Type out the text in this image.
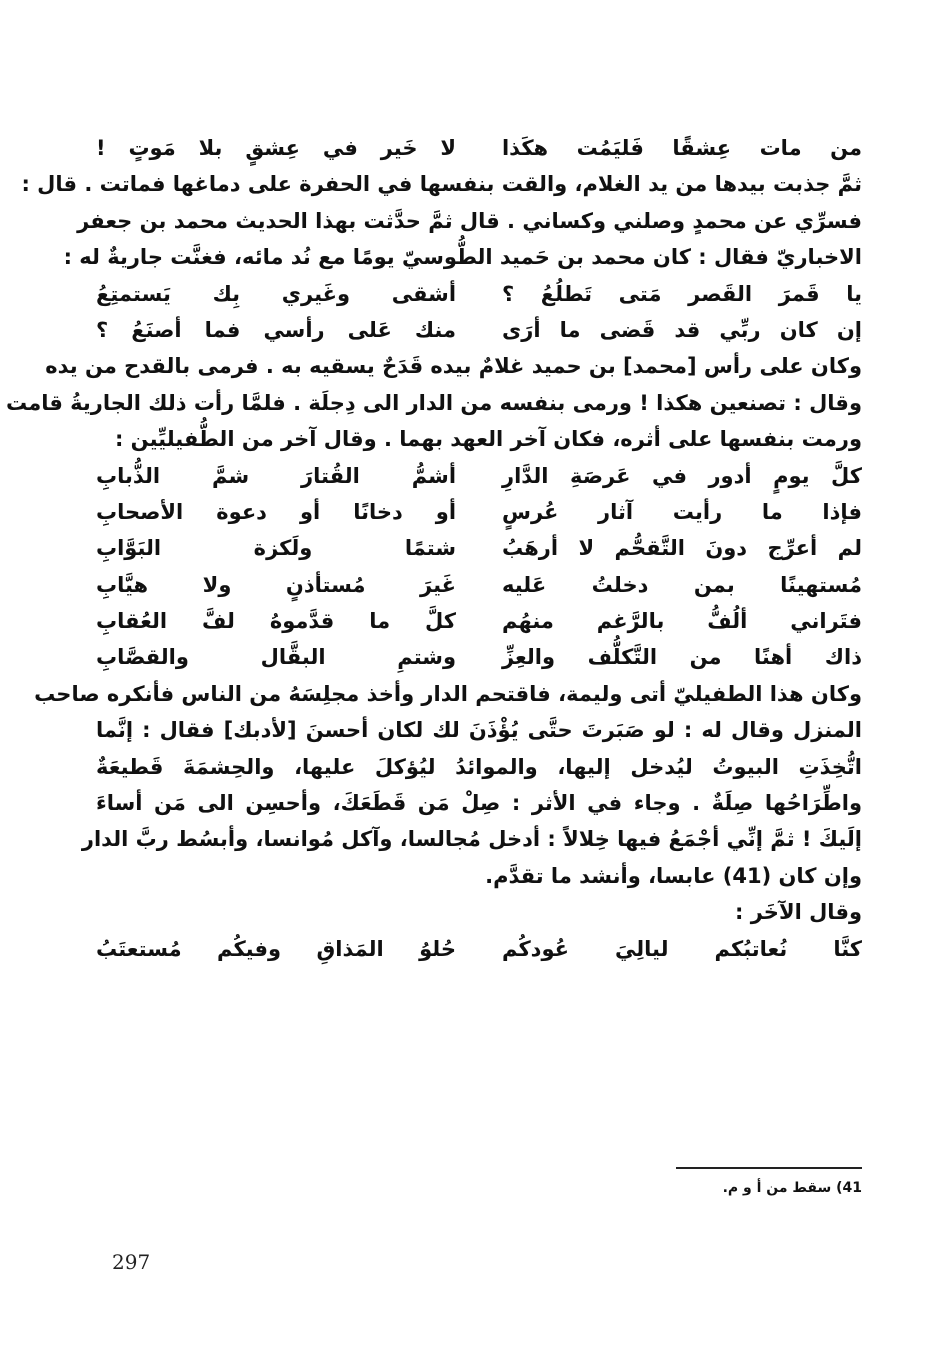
من مات عِشقًا فَليَمُت هكَذا
لا خَير في عِشقٍ بلا مَوتٍ !
ثمَّ جذبت بيدها من يد الغلام، والقت بنفسها في الحفرة على دماغها فماتت . قال :
فسرِّي عن محمدٍ وصلني وكساني . قال ثمَّ حدَّثت بهذا الحديث محمد بن جعفر
الاخباريّ فقال : كان محمد بن حَميد الطُّوسيّ يومًا مع نُد مائه، فغنَّت جاريةٌ له :
يا قَمرَ القَصر مَتى تَطلُعُ ؟
أشقى وغَيري بِك يَستمتِعُ
إن كان ربِّي قد قَضى ما أرَى
منك عَلى رأسي فما أصنَعُ ؟
وكان على رأس [محمد] بن حميد غلامٌ بيده قَدَحٌ يسقيه به . فرمى بالقدح من يده
وقال : تصنعين هكذا ! ورمى بنفسه من الدار الى دِجلَة . فلمَّا رأت ذلك الجاريةُ قامت
ورمت بنفسها على أثره، فكان آخر العهد بهما . وقال آخر من الطُّفيليِّين :
كلَّ يومٍ أدور في عَرصَةِ الدَّارِ
أشمُّ القُتارَ شمَّ الذُّبابِ
فإذا ما رأيت آثار عُرسٍ
أو دخانًا أو دعوة الأصحابِ
لم أعرِّج دونَ التَّقحُّم لا أرهَبُ
شتمًا ولَكزة البَوَّابِ
مُستهينًا بمن دخلتُ عَليه
غَيرَ مُستأذنٍ ولا هيَّابِ
فتَراني ألُفُّ بالرَّغم منهُم
كلَّ ما قدَّموهُ لفَّ العُقابِ
ذاك أهنًا من التَّكلُّف والعِزِّ
وشتمِ البقَّال والقصَّابِ
وكان هذا الطفيليّ أتى وليمة، فاقتحم الدار وأخذ مجلِسَهُ من الناس فأنكره صاحب
المنزل وقال له : لو صَبَرتَ حتَّى يُؤْذَنَ لك لكان أحسنَ [لأدبك] فقال : إنَّما
اتُّخِذَتِ البيوتُ ليُدخل إليها، والموائدُ ليُؤكلَ عليها، والحِشمَةَ قَطيعَةٌ
واطِّرَاحُها صِلَةٌ . وجاء في الأثر : صِلْ مَن قَطَعَكَ، وأحسِن الى مَن أساءَ
إلَيكَ ! ثمَّ إنِّي أجْمَعُ فيها خِلالاً : أدخل مُجالسا، وآكل مُوانسا، وأبسُط ربَّ الدار
وإن كان (41) عابسا، وأنشد ما تقدَّم.
وقال الآخَر :
كنَّا نُعاتبُكم ليالِيَ عُودكُم
حُلوُ المَذاقِ وفيكُم مُستعتَبُ
41) سقط من أ و م.
297
